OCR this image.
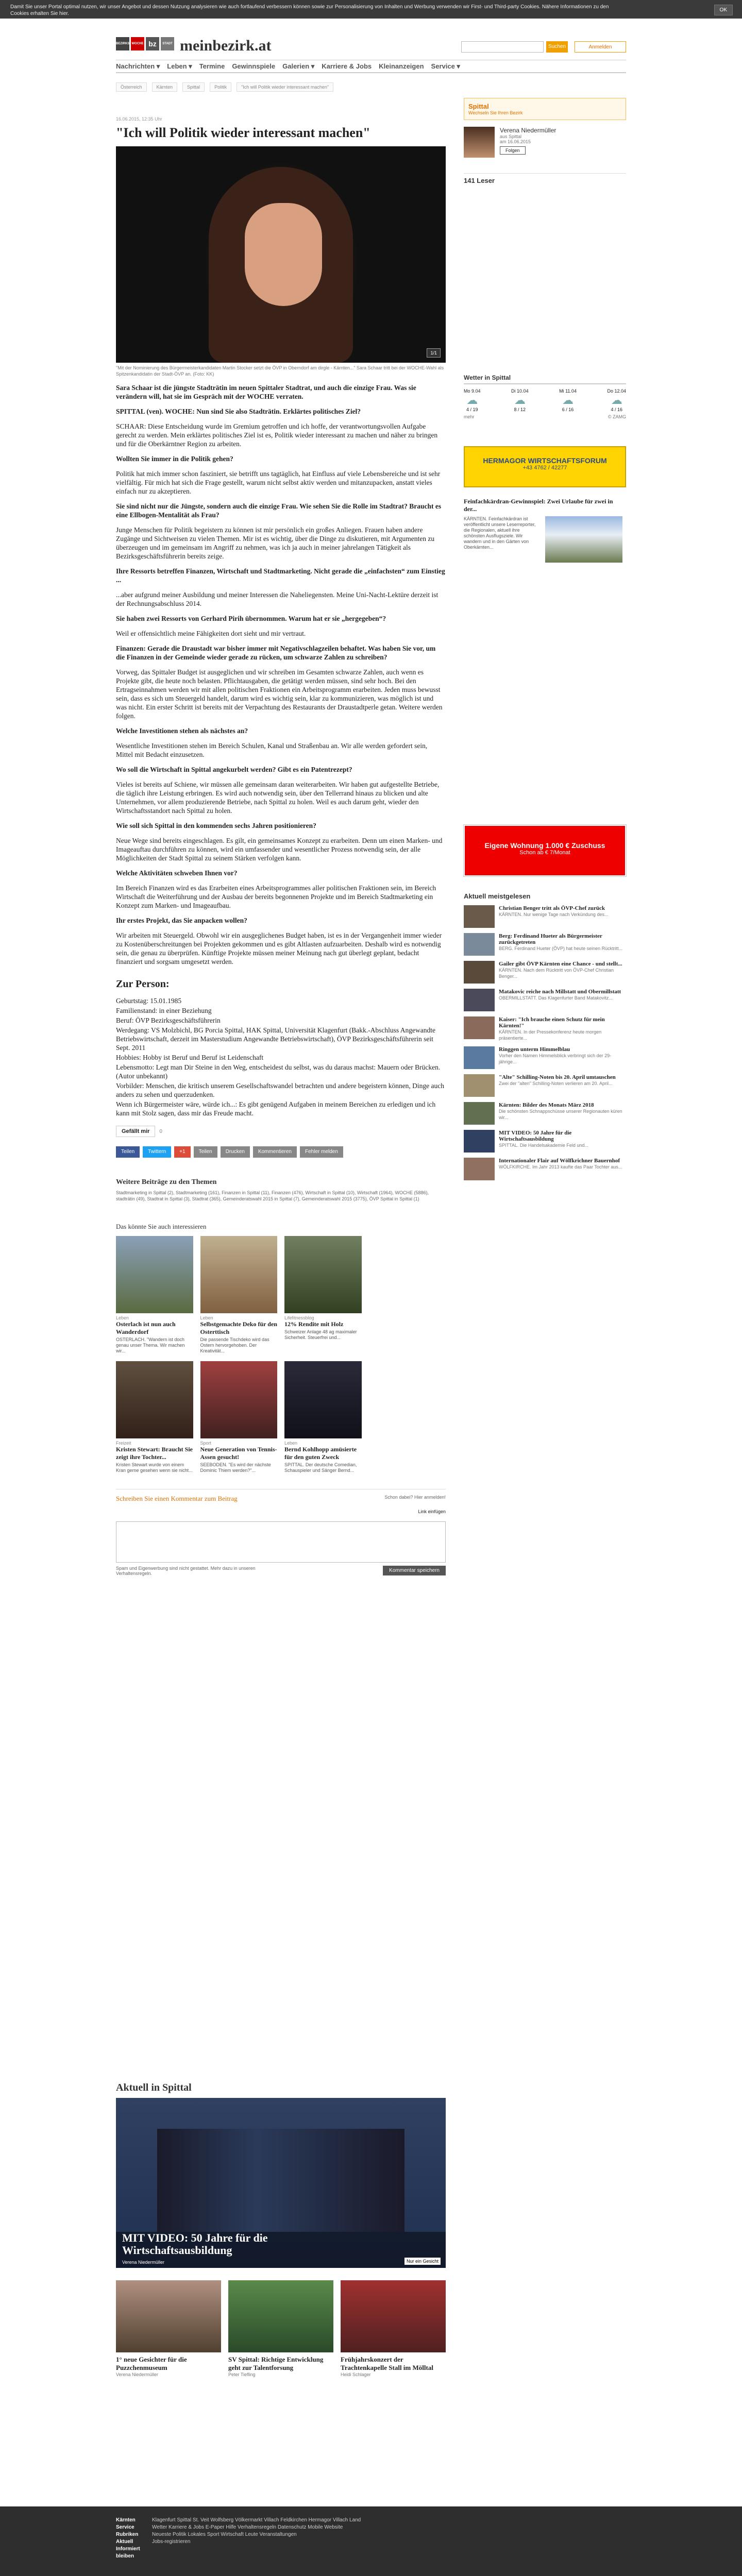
Damit Sie unser Portal optimal nutzen, wir unser Angebot und dessen Nutzung analysieren wie auch fortlaufend verbessern können sowie zur Personalisierung von Inhalten und Werbung verwenden wir First- und Third-party Cookies. Nähere Informationen zu den Cookies erhalten Sie hier.
OK
BEZIRKS BLÄTTER
WOCHE bz	STADT BLATT
meinbezirk.at	Suchen	Anmelden
Nachrichten ▾ Leben ▾ Termine Gewinnspiele Galerien ▾ Karriere & Jobs Kleinanzeigen Service ▾
Österreich	Kärnten	Spittal	Politik	"Ich will Politik wieder interessant machen"
16.06.2015, 12:35 Uhr
"Ich will Politik wieder interessant machen"
1/1
"Mit der Nominierung des Bürgermeisterkandidaten Martin Stocker setzt die ÖVP in Oberndorf am dirgle - Kärnten..." Sara Schaar tritt bei der WOCHE-Wahl als Spitzenkandidatin der Stadt-ÖVP an. (Foto: KK)

Sara Schaar ist die jüngste Stadträtin im neuen Spittaler Stadtrat, und auch die einzige Frau. Was sie verändern will, hat sie im Gespräch mit der WOCHE verraten.

SPITTAL (ven). WOCHE: Nun sind Sie also Stadträtin. Erklärtes politisches Ziel?

SCHAAR: Diese Entscheidung wurde im Gremium getroffen und ich hoffe, der verantwortungsvollen Aufgabe gerecht zu werden. Mein erklärtes politisches Ziel ist es, Politik wieder interessant zu machen und näher zu bringen und für die Oberkärntner Region zu arbeiten.

Wollten Sie immer in die Politik gehen?

Politik hat mich immer schon fasziniert, sie betrifft uns tagtäglich, hat Einfluss auf viele Lebensbereiche und ist sehr vielfältig. Für mich hat sich die Frage gestellt, warum nicht selbst aktiv werden und mitanzupacken, anstatt vieles einfach nur zu akzeptieren.

Sie sind nicht nur die Jüngste, sondern auch die einzige Frau. Wie sehen Sie die Rolle im Stadtrat? Braucht es eine Ellbogen-Mentalität als Frau?

Junge Menschen für Politik begeistern zu können ist mir persönlich ein großes Anliegen. Frauen haben andere Zugänge und Sichtweisen zu vielen Themen. Mir ist es wichtig, über die Dinge zu diskutieren, mit Argumenten zu überzeugen und im gemeinsam im Angriff zu nehmen, was ich ja auch in meiner jahrelangen Tätigkeit als Bezirksgeschäftsführerin bereits zeige.

Ihre Ressorts betreffen Finanzen, Wirtschaft und Stadtmarketing. Nicht gerade die „einfachsten“ zum Einstieg ...

...aber aufgrund meiner Ausbildung und meiner Interessen die Naheliegensten. Meine Uni-Nacht-Lektüre derzeit ist der Rechnungsabschluss 2014.

Sie haben zwei Ressorts von Gerhard Pirih übernommen. Warum hat er sie „hergegeben“?

Weil er offensichtlich meine Fähigkeiten dort sieht und mir vertraut.

Finanzen: Gerade die Draustadt war bisher immer mit Negativschlagzeilen behaftet. Was haben Sie vor, um die Finanzen in der Gemeinde wieder gerade zu rücken, um schwarze Zahlen zu schreiben?

Vorweg, das Spittaler Budget ist ausgeglichen und wir schreiben im Gesamten schwarze Zahlen, auch wenn es Projekte gibt, die heute noch belasten. Pflichtausgaben, die getätigt werden müssen, sind sehr hoch. Bei den Ertragseinnahmen werden wir mit allen politischen Fraktionen ein Arbeitsprogramm erarbeiten. Jeden muss bewusst sein, dass es sich um Steuergeld handelt, darum wird es wichtig sein, klar zu kommunizieren, was möglich ist und was nicht. Ein erster Schritt ist bereits mit der Verpachtung des Restaurants der Draustadtperle getan. Weitere werden folgen.

Welche Investitionen stehen als nächstes an?

Wesentliche Investitionen stehen im Bereich Schulen, Kanal und Straßenbau an. Wir alle werden gefordert sein, Mittel mit Bedacht einzusetzen.

Wo soll die Wirtschaft in Spittal angekurbelt werden? Gibt es ein Patentrezept?

Vieles ist bereits auf Schiene, wir müssen alle gemeinsam daran weiterarbeiten. Wir haben gut aufgestellte Betriebe, die täglich ihre Leistung erbringen. Es wird auch notwendig sein, über den Tellerrand hinaus zu blicken und alte Unternehmen, vor allem produzierende Betriebe, nach Spittal zu holen. Weil es auch darum geht, wieder den Wirtschaftsstandort nach Spittal zu holen.

Wie soll sich Spittal in den kommenden sechs Jahren positionieren?

Neue Wege sind bereits eingeschlagen. Es gilt, ein gemeinsames Konzept zu erarbeiten. Denn um einen Marken- und Imageauftau durchführen zu können, wird ein umfassender und wesentlicher Prozess notwendig sein, der alle Möglichkeiten der Stadt Spittal zu seinem Stärken verfolgen kann.

Welche Aktivitäten schweben Ihnen vor?

Im Bereich Finanzen wird es das Erarbeiten eines Arbeitsprogrammes aller politischen Fraktionen sein, im Bereich Wirtschaft die Weiterführung und der Ausbau der bereits begonnenen Projekte und im Bereich Stadtmarketing ein Konzept zum Marken- und Imageaufbau.

Ihr erstes Projekt, das Sie anpacken wollen?

Wir arbeiten mit Steuergeld. Obwohl wir ein ausgeglichenes Budget haben, ist es in der Vergangenheit immer wieder zu Kostenüberschreitungen bei Projekten gekommen und es gibt Altlasten aufzuarbeiten. Deshalb wird es notwendig sein, die genau zu überprüfen. Künftige Projekte müssen meiner Meinung nach gut überlegt geplant, bedacht finanziert und sorgsam umgesetzt werden.

Zur Person:

Geburtstag: 15.01.1985

Familienstand: in einer Beziehung

Beruf: ÖVP Bezirksgeschäftsführerin

Werdegang: VS Molzbichl, BG Porcia Spittal, HAK Spittal, Universität Klagenfurt (Bakk.-Abschluss Angewandte Betriebswirtschaft, derzeit im Masterstudium Angewandte Betriebswirtschaft), ÖVP Bezirksgeschäftsführerin seit Sept. 2011

Hobbies: Hobby ist Beruf und Beruf ist Leidenschaft

Lebensmotto: Legt man Dir Steine in den Weg, entscheidest du selbst, was du daraus machst: Mauern oder Brücken. (Autor unbekannt)

Vorbilder: Menschen, die kritisch unserem Gesellschaftswandel betrachten und andere begeistern können, Dinge auch anders zu sehen und querzudenken.

Wenn ich Bürgermeister wäre, würde ich...: Es gibt genügend Aufgaben in meinem Bereichen zu erledigen und ich kann mit Stolz sagen, dass mir das Freude macht.

Gefällt mir	0
Teilen	Twittern	+1	Teilen	Drucken	Kommentieren	Fehler melden
Weitere Beiträge zu den Themen

Stadtmarketing in Spittal (2), Stadtmarketing (161), Finanzen in Spittal (11), Finanzen (476), Wirtschaft in Spittal (10), Wirtschaft (1964), WOCHE (5886), stadträtin (49), Stadtrat in Spittal (3), Stadtrat (365), Gemeinderatswahl 2015 in Spittal (7), Gemeinderatswahl 2015 (3775), ÖVP Spittal in Spittal (1)

Das könnte Sie auch interessieren
Leben
Osterlach ist nun auch Wanderdorf
OSTERLACH. "Wandern ist doch genau unser Thema. Wir machen wir...
Leben
Selbstgemachte Deko für den Osterttisch
Die passende Tischdeko wird das Ostern hervorgehoben. Der Kreativität...
Lifefitnessblog
12% Rendite mit Holz
Schweizer Anlage 48 ag maximaler Sicherheit. Steuerfrei und...
Freizeit
Kristen Stewart: Braucht Sie zeigt ihre Tochter...
Kristen Stewart wurde von einem Kran gerne gesehen wenn sie nicht...
Sport
Neue Generation von Tennis-Assen gesucht!
SEEBODEN. "Es wird der nächste Dominic Thiem werden?"...
Leben
Bernd Kohlhopp amüsierte für den guten Zweck
SPITTAL. Der deutsche Comedian, Schauspieler und Sänger Bernd...
Schreiben Sie einen Kommentar zum Beitrag	Schon dabei? Hier anmelden!
Link einfügen
Kommentar speichern
Spam und Eigenwerbung sind nicht gestattet. Mehr dazu in unseren Verhaltensregeln.
Spittal
Wechseln Sie Ihren Bezirk
Verena Niedermüller
aus Spittal
am 16.06.2015
Folgen
141 Leser
Wetter in Spittal
Mo 9.04
☁
4 / 19
Di 10.04
☁
8 / 12
Mi 11.04
☁
6 / 16
Do 12.04
☁
4 / 16
mehr	© ZAMG
HERMAGOR WIRTSCHAFTSFORUM
+43 4762 / 42277
Feinfachkärdran-Gewinnspiel: Zwei Urlaube für zwei in der...
KÄRNTEN. Feinfachkärdran ist veröffentlicht unsere Leserreporter, die Regionalen, aktuell ihre schönsten Ausflugsziele. Wir wandern und in den Gärten von Oberkärnten...
Eigene Wohnung 1.000 € Zuschuss
Schon ab € 7/Monat
Aktuell meistgelesen
Christian Benger tritt als ÖVP-Chef zurück
KÄRNTEN. Nur wenige Tage nach Verkündung des...
Berg: Ferdinand Hueter als Bürgermeister zurückgetreten
BERG. Ferdinand Hueter (ÖVP) hat heute seinen Rücktritt...
Gailer gibt ÖVP Kärnten eine Chance - und stellt...
KÄRNTEN. Nach dem Rücktritt von ÖVP-Chef Christian Benger...
Matakovic reiche nach Millstatt und Obermillstatt
OBERMILLSTATT. Das Klagenfurter Band Matakovitz...
Kaiser: "Ich brauche einen Schutz für mein Kärnten!"
KÄRNTEN. In der Pressekonferenz heute morgen präsentierte...
Ringgen unterm Himmelblau
Vorher den Namen Himmelsblick verbringt sich der 29-jährige...
"Alte" Schilling-Noten bis 20. April umtauschen
Zwei der "alten" Schilling-Noten verlieren am 20. April...
Kärnten: Bilder des Monats März 2018
Die schönsten Schnappschüsse unserer Regionauten küren wir...
MIT VIDEO: 50 Jahre für die Wirtschaftsausbildung
SPITTAL. Die Handelsakademie Feld und...
Internationaler Flair auf Wölfkrichner Bauernhof
WÖLFKIRCHE. Im Jahr 2013 kaufte das Paar Tochter aus...
Aktuell in Spittal
MIT VIDEO: 50 Jahre für die Wirtschaftsausbildung
Verena Niedermüller	Nur ein Gesicht
1° neue Gesichter für die Puzzchenmuseum
Verena Niedermüller
SV Spittal: Richtige Entwicklung geht zur Talentforsung
Peter Tiefling
Frühjahrskonzert der Trachtenkapelle Stall im Mölltal
Heidi Schlager
Kärnten	Klagenfurt Spittal St. Veit Wolfsberg Völkermarkt Villach Feldkirchen Hermagor Villach Land
Service	Wetter Karriere & Jobs E-Paper Hilfe Verhaltensregeln Datenschutz Mobile Website
Rubriken	Neueste Politik Lokales Sport Wirtschaft Leute Veranstaltungen
Aktuell	Jobs-registrieren
Informiert bleiben
